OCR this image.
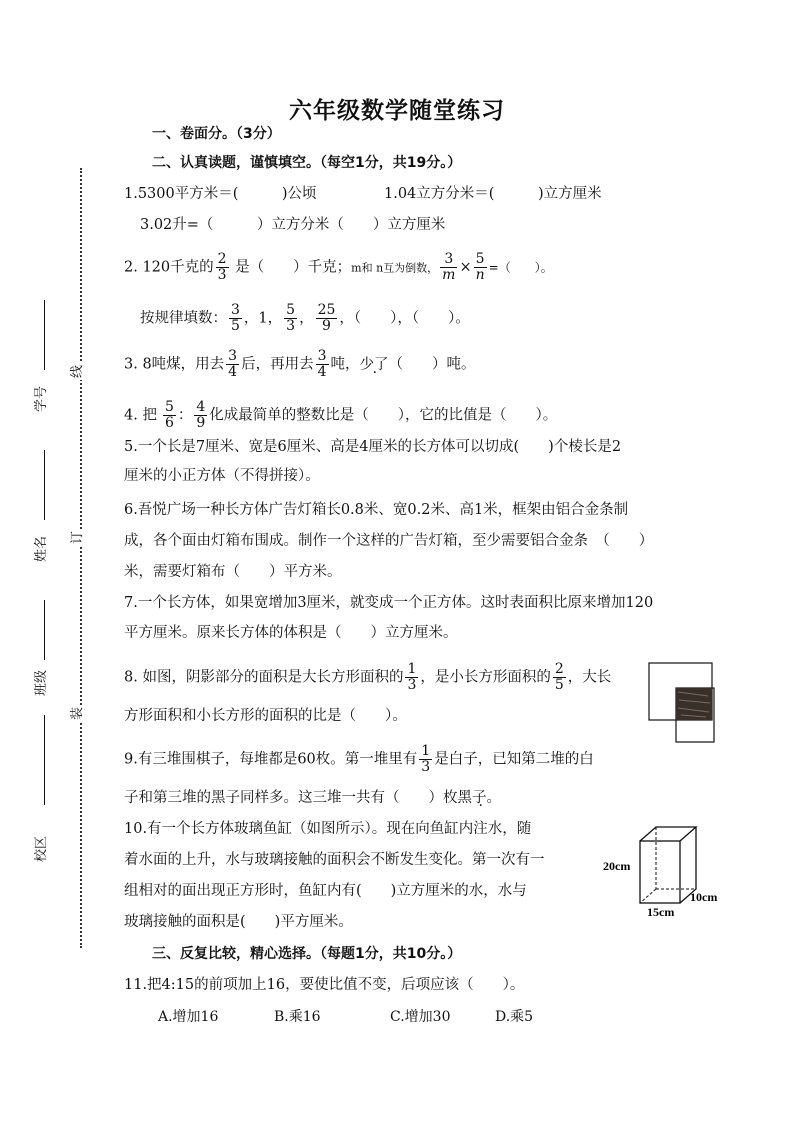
学号
姓名
班级
校区
线
订
装
六年级数学随堂练习
一、卷面分。（3分）
二、认真读题，谨慎填空。（每空1分，共19分。）
1.5300平方米＝(　　　)公顷	1.04立方分米＝(　　　)立方厘米
3.02升=（　　　）立方分米（　　）立方厘米
2. 120千克的 $\frac{2}{3}$ 是（　　）千克；m和 n互为倒数， $\frac{3}{m} \times \frac{5}{n}$ =（　　）。
按规律填数： $\frac{3}{5}$ ，1， $\frac{5}{3}$ ， $\frac{25}{9}$ ，（　　），（　　）。
3. 8吨煤，用去 $\frac{3}{4}$ 后，再用去 $\frac{3}{4}$ 吨，少了（　　）吨。
4. 把 $\frac{5}{6}$ ： $\frac{4}{9}$ 化成最简单的整数比是（　　），它的比值是（　　）。
5.一个长是7厘米、宽是6厘米、高是4厘米的长方体可以切成(　　)个棱长是2
厘米的小正方体（不得拼接）。
6.吾悦广场一种长方体广告灯箱长0.8米、宽0.2米、高1米，框架由铝合金条制
成，各个面由灯箱布围成。制作一个这样的广告灯箱，至少需要铝合金条　（　　）
米，需要灯箱布（　　）平方米。
7.一个长方体，如果宽增加3厘米，就变成一个正方体。这时表面积比原来增加120
平方厘米。原来长方体的体积是（　　）立方厘米。
8. 如图，阴影部分的面积是大长方形面积的 $\frac{1}{3}$ ，是小长方形面积的 $\frac{2}{5}$ ，大长
方形面积和小长方形的面积的比是（　　）。
9.有三堆围棋子，每堆都是60枚。第一堆里有 $\frac{1}{3}$ 是白子，已知第二堆的白
子和第三堆的黑子同样多。这三堆一共有（　　）枚黑子。
10.有一个长方体玻璃鱼缸（如图所示）。现在向鱼缸内注水，随
着水面的上升，水与玻璃接触的面积会不断发生变化。第一次有一
组相对的面出现正方形时，鱼缸内有(　　)立方厘米的水，水与
玻璃接触的面积是(　　)平方厘米。
20cm
15cm
10cm
三、反复比较，精心选择。（每题1分，共10分。）
11.把4:15的前项加上16，要使比值不变，后项应该（　　）。
A.增加16	B.乘16	C.增加30	D.乘5
